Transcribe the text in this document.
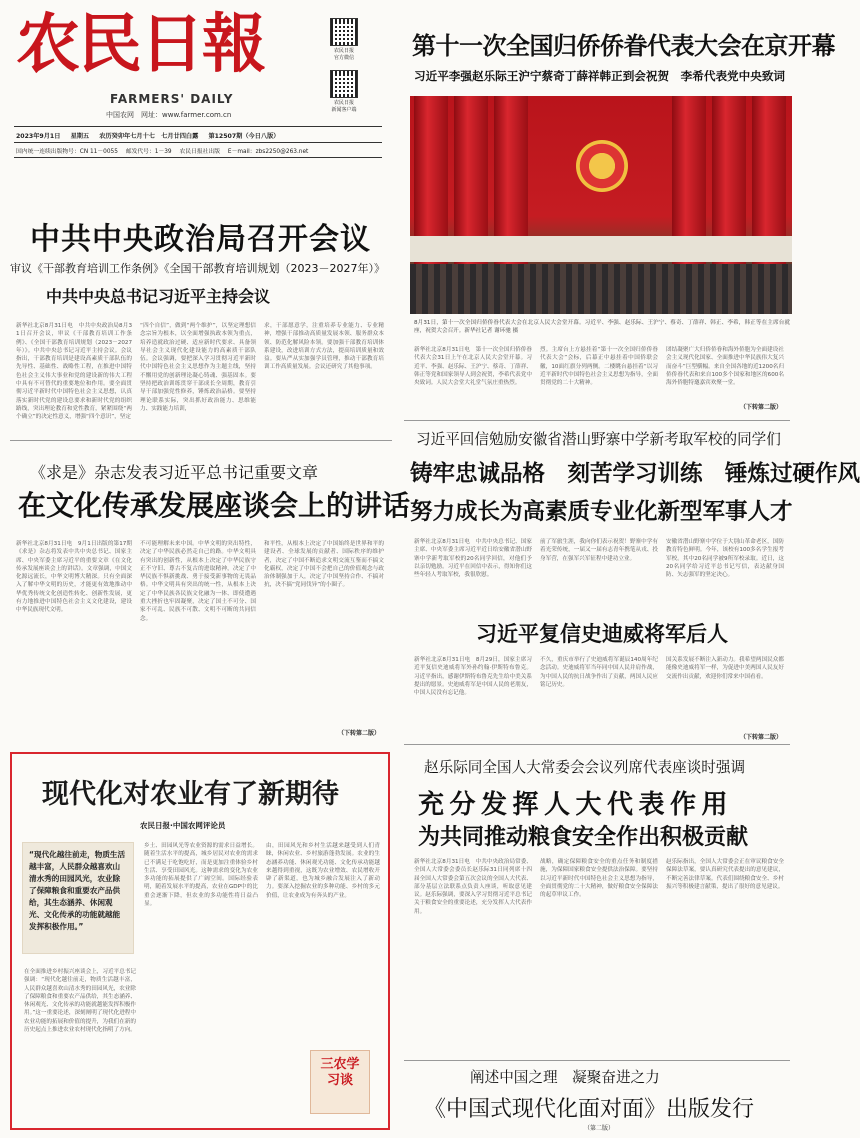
农民日報
FARMERS' DAILY
中国农网　网址：www.farmer.com.cn
农民日报
官方微信
农民日报
新闻客户端
2023年9月1日 星期五 农历癸卯年七月十七　七月廿四白露 第12507期（今日八版）
国内统一连续出版物号：CN 11－0055 邮发代号：1－39 农民日报社出版 E－mail：zbs2250@263.net
第十一次全国归侨侨眷代表大会在京开幕
习近平李强赵乐际王沪宁蔡奇丁薛祥韩正到会祝贺　李希代表党中央致词
8月31日，第十一次全国归侨侨眷代表大会在北京人民大会堂开幕。习近平、李强、赵乐际、王沪宁、蔡奇、丁薛祥、韩正、李希，韩正等在主席台就座，祝贺大会召开。新华社记者 谢环驰 摄
新华社北京8月31日电　第十一次全国归侨侨眷代表大会31日上午在北京人民大会堂开幕。习近平、李强、赵乐际、王沪宁、蔡奇、丁薛祥、韩正等党和国家领导人到会祝贺，李希代表党中央致词。人民大会堂大礼堂气氛庄重热烈。
烈。主席台上方悬挂着“第十一次全国归侨侨眷代表大会”会标，后幕正中悬挂着中国侨联会徽，10面红旗分列两侧。二楼眺台悬挂着“以习近平新时代中国特色社会主义思想为指导，全面贯彻党的二十大精神。
团结凝聚广大归侨侨眷和海外侨胞为全面建设社会主义现代化国家、全面推进中华民族伟大复兴而奋斗”巨型横幅。来自全国各地的近1200名归侨侨眷代表和来自100多个国家和地区的600名海外侨胞特邀嘉宾欢聚一堂。
（下转第二版）
中共中央政治局召开会议
审议《干部教育培训工作条例》《全国干部教育培训规划（2023－2027年）》
中共中央总书记习近平主持会议
新华社北京8月31日电　中共中央政治局8月31日召开会议，审议《干部教育培训工作条例》、《全国干部教育培训规划（2023－2027年）》。中共中央总书记习近平主持会议。会议指出，干部教育培训是建设高素质干部队伍的先导性、基础性、战略性工程，在推进中国特色社会主义伟大事业和党的建设新的伟大工程中具有不可替代的重要地位和作用。要全面贯彻习近平新时代中国特色社会主义思想，认真落实新时代党的建设总要求和新时代党的组织路线，突出理论教育和党性教育，紧紧围绕“两个确立”的决定性意义，增强“四个意识”，坚定
“四个自信”，做到“两个维护”，以坚定理想信念宗旨为根本，以全面增强执政本领为重点，培养造就政治过硬、适应新时代要求、具备领导社会主义现代化建设能力的高素质干部队伍。会议强调，要把深入学习贯彻习近平新时代中国特色社会主义思想作为主题主线，坚持不懈用党的创新理论凝心铸魂、强基固本。要坚持把政治训练贯穿干部成长全周期，教育引导干部加强党性修养，锤炼政治品格。要坚持理论联系实际，突出抓好政治能力、思维能力、实践能力培训，
求，干部愿意学，注重培养专业能力、专业精神，增强干部推动高质量发展本领、服务群众本领、防范化解风险本领。要加强干部教育培训体系建设，改进培训方式方法，提高培训质量和效益。要从严从实加强学员管理，推动干部教育培训工作高质量发展。会议还研究了其他事项。
《求是》杂志发表习近平总书记重要文章
在文化传承发展座谈会上的讲话
新华社北京8月31日电　9月1日出版的第17期《求是》杂志将发表中共中央总书记、国家主席、中央军委主席习近平的重要文章《在文化传承发展座谈会上的讲话》。文章强调，中国文化源远流长，中华文明博大精深。只有全面深入了解中华文明的历史，才能更有效地推动中华优秀传统文化创造性转化、创新性发展，更有力地推进中国特色社会主义文化建设，建设中华民族现代文明。
不可能理解未来中国。中华文明的突出特性，决定了中华民族必然走自己的路。中华文明具有突出的创新性，从根本上决定了中华民族守正不守旧、尊古不复古的进取精神，决定了中华民族不惧新挑战、勇于接受新事物的无畏品格。中华文明具有突出的统一性，从根本上决定了中华民族各民族文化融为一体、即使遭遇重大挫折也牢固凝聚，决定了国土不可分、国家不可乱、民族不可散、文明不可断的共同信念。
和平性，从根本上决定了中国始终是世界和平的建设者、全球发展的贡献者、国际秩序的维护者，决定了中国不断追求文明交流互鉴而不搞文化霸权，决定了中国不会把自己的价值观念与政治体制强加于人，决定了中国坚持合作、不搞对抗，决不搞“党同伐异”的小圈子。
（下转第二版）
现代化对农业有了新期待
农民日报·中国农网评论员
“现代化越往前走，物质生活越丰富，人民群众越喜欢山清水秀的田园风光，农业除了保障粮食和重要农产品供给，其生态涵养、休闲观光、文化传承的功能就越能发挥积极作用。”
在全面推进乡村振兴座谈会上，习近平总书记强调：“现代化越往前走，物质生活越丰富，人民群众越喜欢山清水秀的田园风光，农业除了保障粮食和重要农产品供给，其生态涵养、休闲观光、文化传承的功能就越能发挥积极作用。”这一重要论述，深刻阐明了现代化进程中农业功能的拓展和价值的提升，为我们在新的历史起点上推进农业农村现代化指明了方向。
乡土、田园风光等农业资源的需求日益增长。随着生活水平的提高，城乡居民对农业的需求已不满足于吃饱吃好，而是更加注重体验乡村生活、享受田园风光。这种需求的变化为农业多功能的拓展提供了广阔空间。国际经验表明，随着发展水平的提高，农业在GDP中的比重会逐渐下降，但农业的多功能性将日益凸显。
由，田园风光和乡村生活越来越受到人们青睐，休闲农业、乡村旅游蓬勃发展。农业的生态涵养功能、休闲观光功能、文化传承功能越来越得到重视，这既为农业增效、农民增收开辟了新渠道，也为城乡融合发展注入了新动力。要深入挖掘农业的多种功能、乡村的多元价值，让农业成为有奔头的产业。
三农学习谈
习近平回信勉励安徽省潜山野寨中学新考取军校的同学们
铸牢忠诚品格　刻苦学习训练　锤炼过硬作风
努力成长为高素质专业化新型军事人才
新华社北京8月31日电　中共中央总书记、国家主席、中央军委主席习近平近日给安徽省潜山野寨中学新考取军校的20名同学回信，对他们予以亲切勉励。习近平在回信中表示，得知你们这些年轻人考取军校，我很欣慰。
前了军旅生涯，我向你们表示祝贺！野寨中学有着光荣传统，一届又一届有志青年携笔从戎、投身军营，在强军兴军征程中建功立业。
安徽省潜山野寨中学位于大别山革命老区，国防教育特色鲜明。今年，该校有100多名学生报考军校。其中20名同学被9所军校录取。近日，这20名同学给习近平总书记写信，表达献身国防、矢志强军的坚定决心。
习近平复信史迪威将军后人
新华社北京8月31日电　8月29日，国家主席习近平复信史迪威将军外孙约翰·伊斯特布鲁克。习近平指出，感谢伊斯特布鲁克先生给中美关系提出的愿景。史迪威将军是中国人民的老朋友，中国人民没有忘记他。
不久，重庆市举行了史迪威将军诞辰140周年纪念活动。史迪威将军当年同中国人民并肩作战，为中国人民的抗日战争作出了贡献，两国人民应铭记历史。
国关系发展不断注入新动力。我希望两国民众都能像史迪威将军一样，为促进中美两国人民友好交流作出贡献，欢迎你们常来中国看看。
（下转第二版）
赵乐际同全国人大常委会会议列席代表座谈时强调
充分发挥人大代表作用
为共同推动粮食安全作出积极贡献
新华社北京8月31日电　中共中央政治局常委、全国人大常委会委员长赵乐际31日同列席十四届全国人大常委会第五次会议的全国人大代表、部分基层立法联系点负责人座谈，听取意见建议。赵乐际强调，要深入学习贯彻习近平总书记关于粮食安全的重要论述，充分发挥人大代表作用。
战略，确定保障粮食安全的重点任务和制度措施，为保障国家粮食安全提供法治保障。要坚持以习近平新时代中国特色社会主义思想为指导，全面贯彻党的二十大精神，做好粮食安全保障法的起草审议工作。
赵乐际指出，全国人大常委会正在审议粮食安全保障法草案，要认真研究代表提出的意见建议，不断完善法律草案。代表们围绕粮食安全、乡村振兴等积极建言献策，提出了很好的意见建议。
阐述中国之理　凝聚奋进之力
《中国式现代化面对面》出版发行
（第二版）
